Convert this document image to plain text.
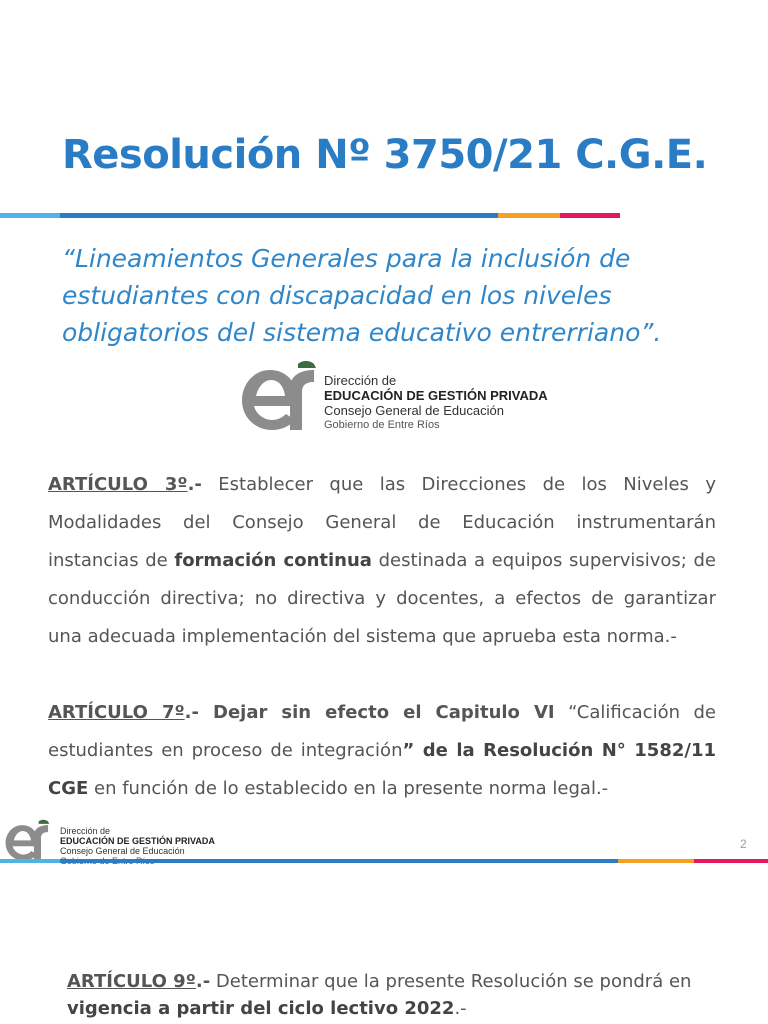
Resolución Nº 3750/21 C.G.E.
“Lineamientos Generales para la inclusión de estudiantes con discapacidad en los niveles obligatorios del sistema educativo entrerriano”.
Dirección de
EDUCACIÓN DE GESTIÓN PRIVADA
Consejo General de Educación
Gobierno de Entre Ríos
ARTÍCULO 3º.- Establecer que las Direcciones de los Niveles y Modalidades del Consejo General de Educación instrumentarán instancias de formación continua destinada a equipos supervisivos; de conducción directiva; no directiva y docentes, a efectos de garantizar una adecuada implementación del sistema que aprueba esta norma.-
ARTÍCULO 7º.- Dejar sin efecto el Capitulo VI “Calificación de estudiantes en proceso de integración” de la Resolución N° 1582/11 CGE en función de lo establecido en la presente norma legal.-
Dirección de
EDUCACIÓN DE GESTIÓN PRIVADA
Consejo General de Educación	2
ARTÍCULO 9º.- Determinar que la presente Resolución se pondrá en vigencia a partir del ciclo lectivo 2022.-
